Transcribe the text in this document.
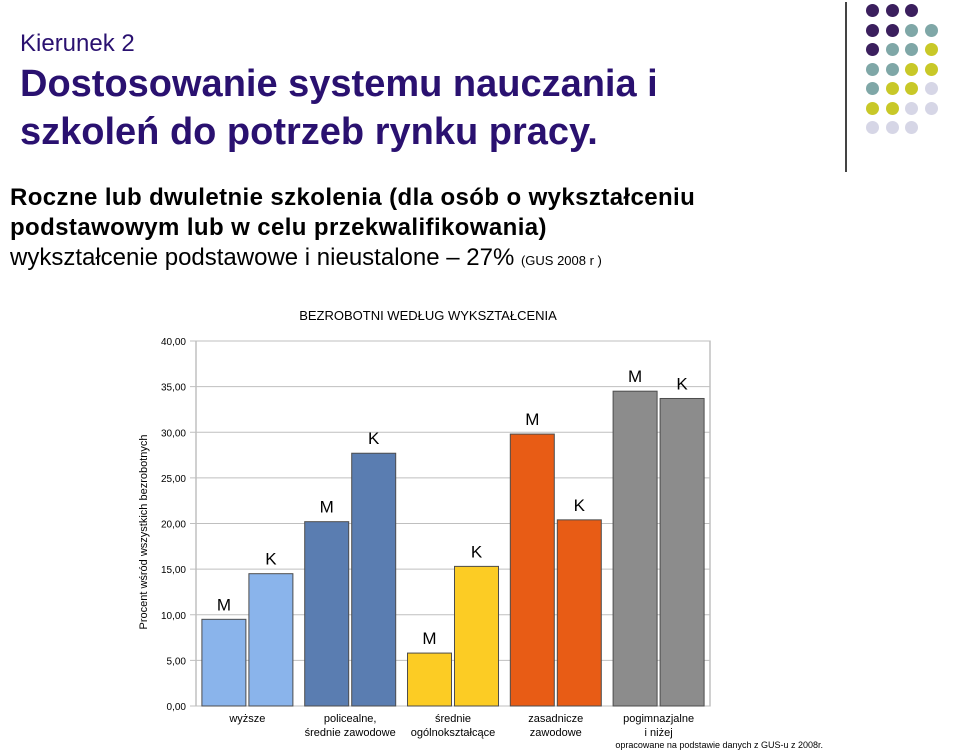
Kierunek 2
Dostosowanie systemu nauczania i
szkoleń do potrzeb rynku pracy.
Roczne lub dwuletnie szkolenia (dla osób o wykształceniu
podstawowym lub w celu przekwalifikowania)
wykształcenie podstawowe i nieustalone – 27% (GUS 2008 r )
0,00
5,00
10,00
15,00
20,00
25,00
30,00
35,00
40,00
BEZROBOTNI WEDŁUG WYKSZTAŁCENIA
Procent wśród wszystkich bezrobotnych	M
K
wyższe
M
K
policealne,
średnie zawodowe
M
K
średnie
ogólnokształcące
M
K
zasadnicze
zawodowe
M K
pogimnazjalne
i niżej
opracowane na podstawie danych z GUS-u z 2008r.
